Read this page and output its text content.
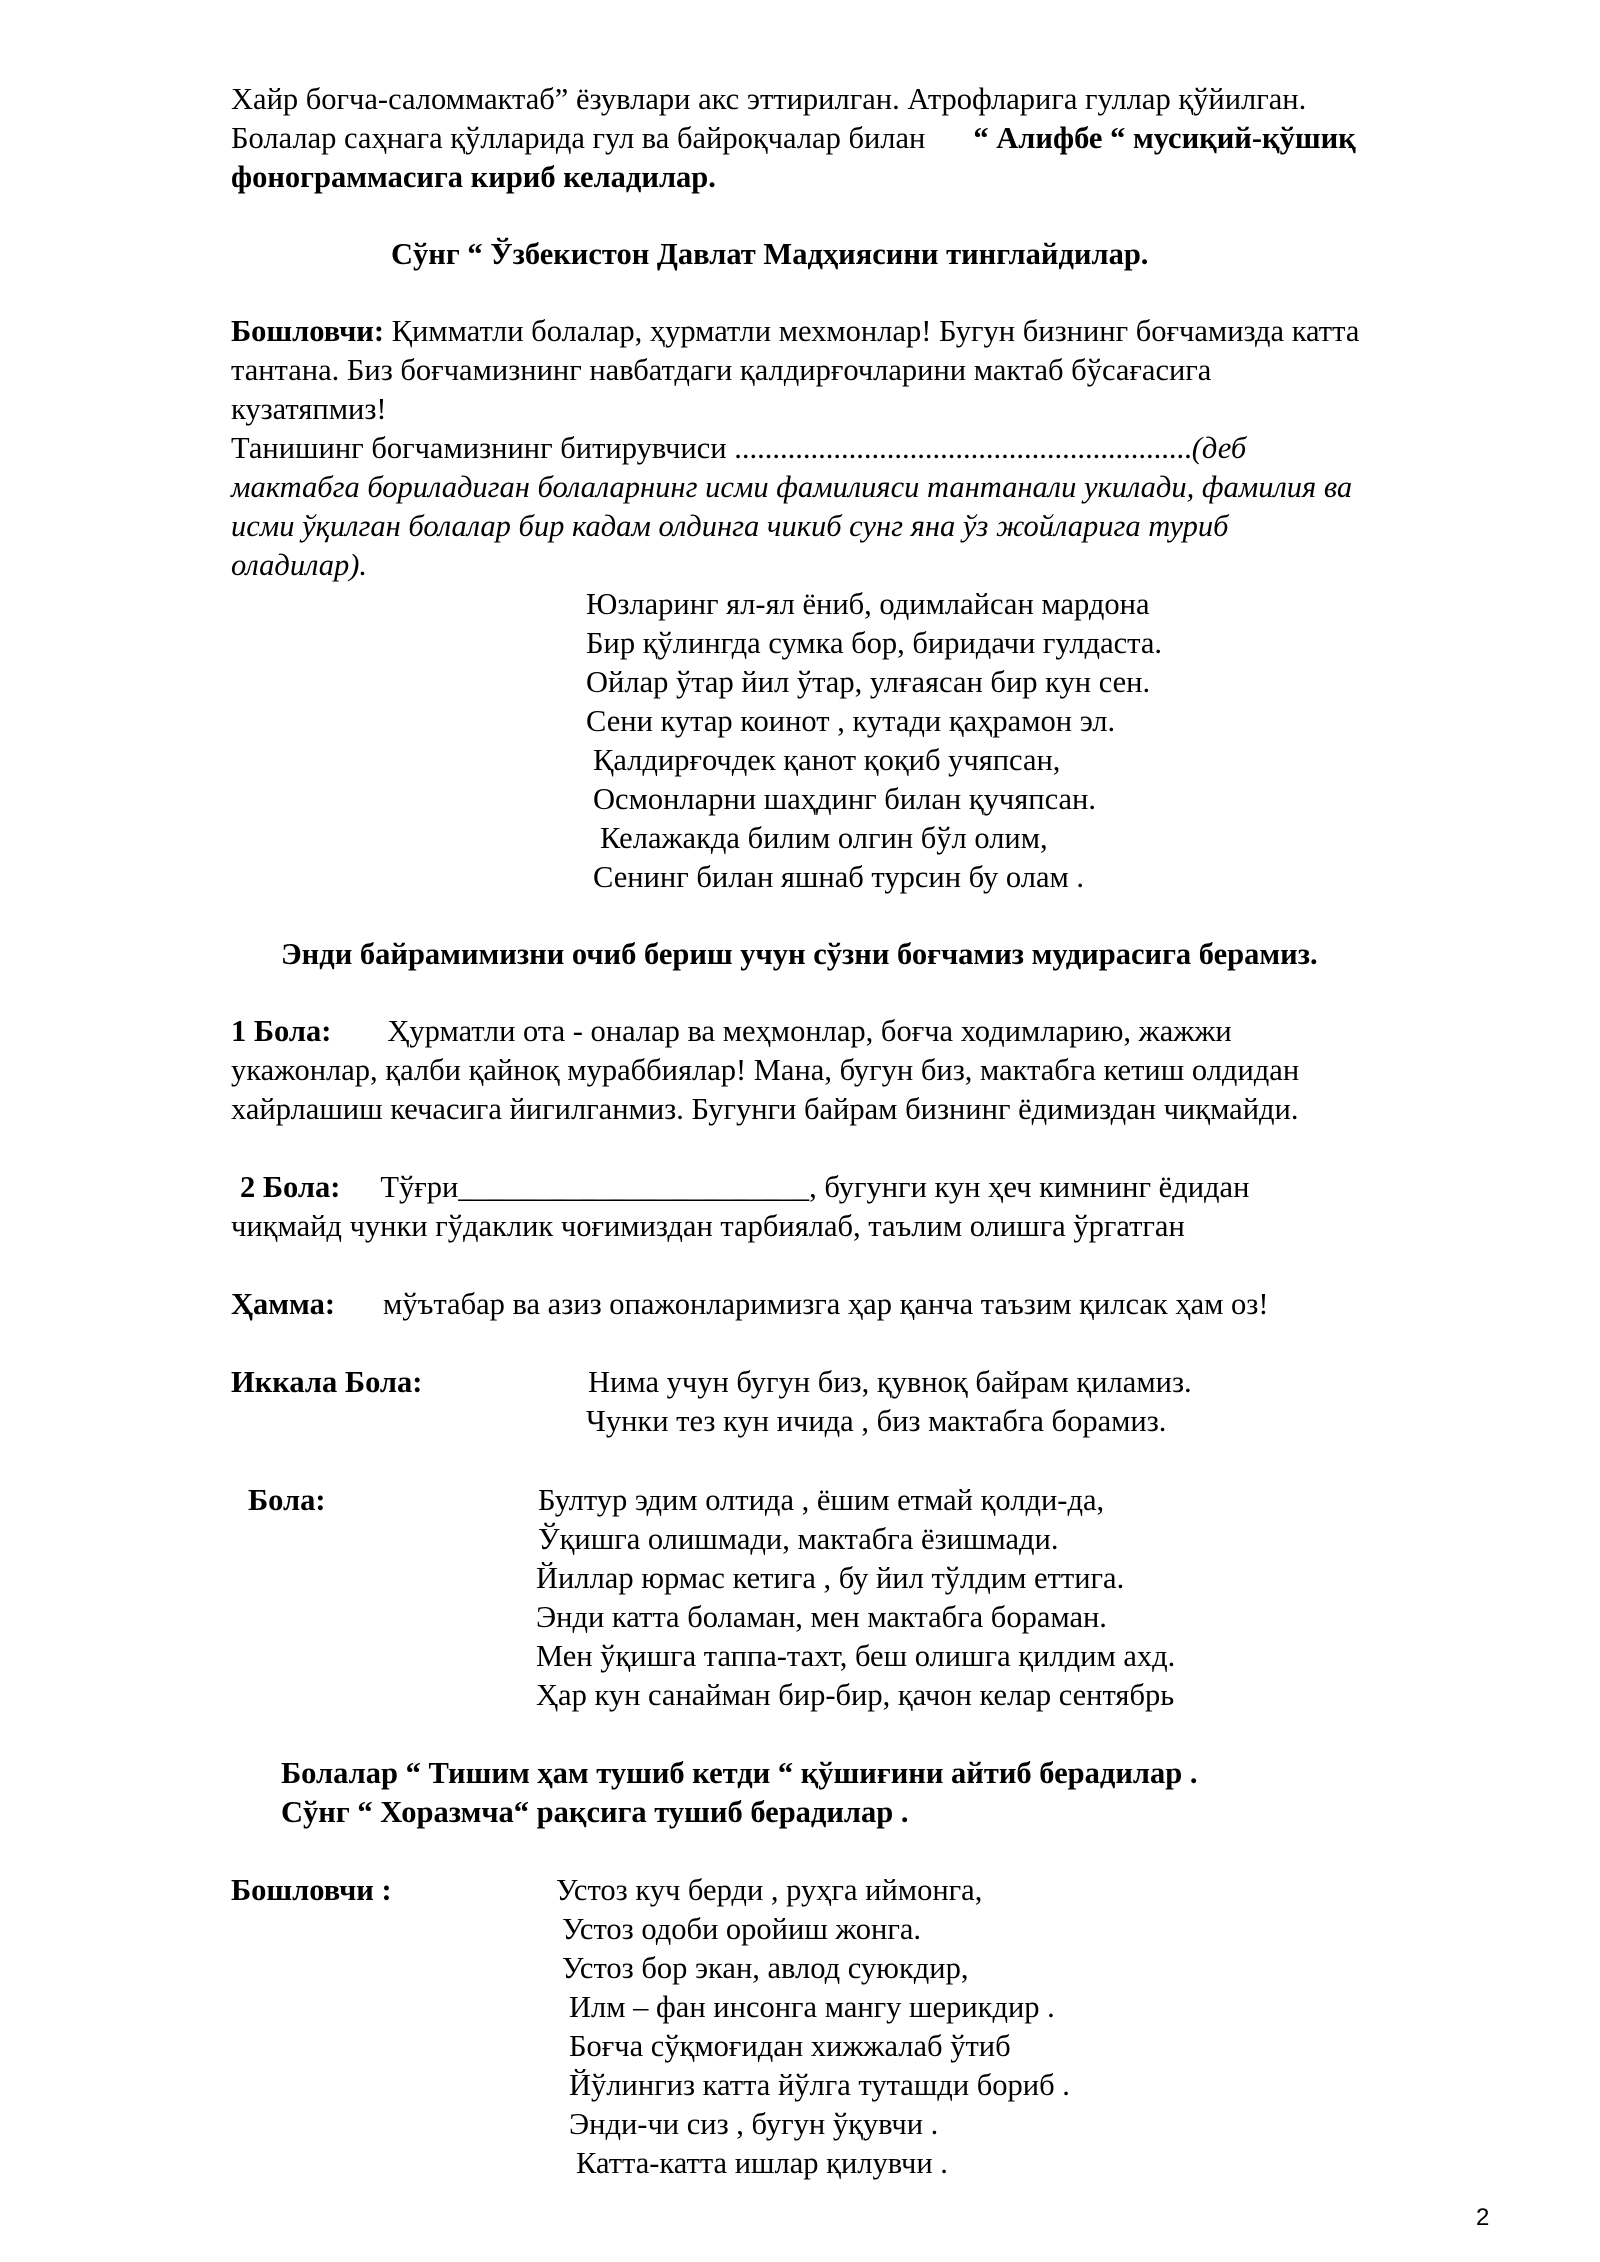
Хайр богча-саломмактаб” ёзувлари акс эттирилган. Атрофларига гуллар қўйилган.
Болалар саҳнага қўлларида гул ва байроқчалар билан “ Алифбе “ мусиқий-қўшиқ
фонограммасига кириб келадилар.
Сўнг “ Ўзбекистон Давлат Мадҳиясини тинглайдилар.
Бошловчи: Қимматли болалар, ҳурматли мехмонлар! Бугун бизнинг боғчамизда катта
тантана. Биз боғчамизнинг навбатдаги қалдирғочларини мактаб бўсағасига
кузатяпмиз!
Танишинг богчамизнинг битирувчиси ............................................................(деб
мактабга бориладиган болаларнинг исми фамилияси тантанали укилади, фамилия ва
исми ўқилган болалар бир кадам олдинга чикиб сунг яна ўз жойларига туриб
оладилар).
Юзларинг ял-ял ёниб, одимлайсан мардона
Бир қўлингда сумка бор, биридачи гулдаста.
Ойлар ўтар йил ўтар, улғаясан бир кун сен.
Сени кутар коинот , кутади қаҳрамон эл.
Қалдирғочдек қанот қоқиб учяпсан,
Осмонларни шаҳдинг билан қучяпсан.
Келажакда билим олгин бўл олим,
Сенинг билан яшнаб турсин бу олам .
Энди байрамимизни очиб бериш учун сўзни боғчамиз мудирасига берамиз.
1 Бола: Ҳурматли ота - оналар ва меҳмонлар, боғча ходимларию, жажжи
укажонлар, қалби қайноқ мураббиялар! Мана, бугун биз, мактабга кетиш олдидан
хайрлашиш кечасига йигилганмиз. Бугунги байрам бизнинг ёдимиздан чиқмайди.
2 Бола: Тўғри_______________________, бугунги кун ҳеч кимнинг ёдидан
чиқмайд чунки гўдаклик чоғимиздан тарбиялаб, таълим олишга ўргатган
Ҳамма: мўътабар ва азиз опажонларимизга ҳар қанча таъзим қилсак ҳам оз!
Иккала Бола:	Нима учун бугун биз, қувноқ байрам қиламиз.
Чунки тез кун ичида , биз мактабга борамиз.
Бола:	Бултур эдим олтида , ёшим етмай қолди-да,
Ўқишга олишмади, мактабга ёзишмади.
Йиллар юрмас кетига , бу йил тўлдим еттига.
Энди катта боламан, мен мактабга бораман.
Мен ўқишга таппа-тахт, беш олишга қилдим ахд.
Ҳар кун санайман бир-бир, қачон келар сентябрь
Болалар “ Тишим ҳам тушиб кетди “ қўшиғини айтиб берадилар .
Сўнг “ Хоразмча“ рақсига тушиб берадилар .
Бошловчи :	Устоз куч берди , руҳга иймонга,
Устоз одоби оройиш жонга.
Устоз бор экан, авлод суюкдир,
Илм – фан инсонга мангу шерикдир .
Боғча сўқмоғидан хижжалаб ўтиб
Йўлингиз катта йўлга туташди бориб .
Энди-чи сиз , бугун ўқувчи .
Катта-катта ишлар қилувчи .
2
